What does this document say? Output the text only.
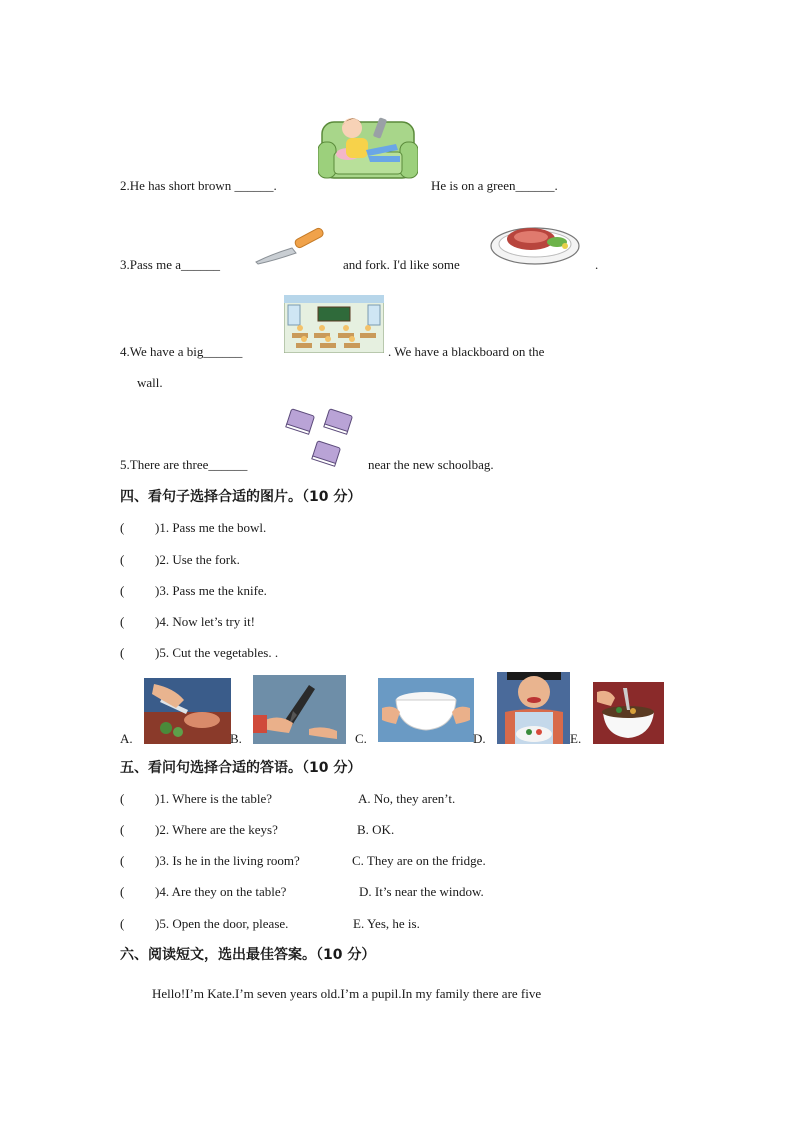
2.He has short brown ______.	He is on a green______.
3.Pass me a______	and fork. I'd like some	.
4.We have a big______	. We have a blackboard on the
wall.
5.There are three______	near the new schoolbag.
四、看句子选择合适的图片。（10 分）
( )1. Pass me the bowl.
( )2. Use the fork.
( )3. Pass me the knife.
( )4. Now let’s try it!
( )5. Cut the vegetables. .
A.	B.	C.	D.	E.
五、看问句选择合适的答语。（10 分）
( )1. Where is the table?	A. No, they aren’t.
( )2. Where are the keys?	B. OK.
( )3. Is he in the living room?	C. They are on the fridge.
( )4. Are they on the table?	D. It’s near the window.
( )5. Open the door, please.	E. Yes, he is.
六、阅读短文，选出最佳答案。（10 分）
Hello!I’m Kate.I’m seven years old.I’m a pupil.In my family there are five
